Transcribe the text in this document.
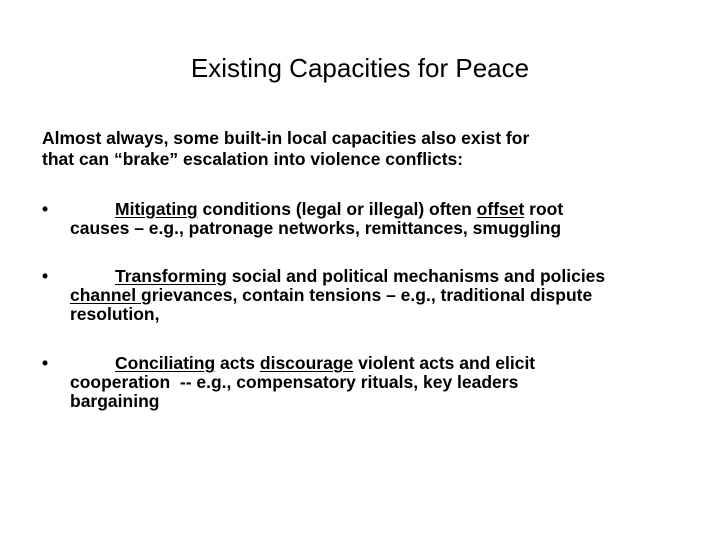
Existing Capacities for Peace
Almost always, some built-in local capacities also exist for
that can “brake” escalation into violence conflicts:
•	Mitigating conditions (legal or illegal) often offset root
causes – e.g., patronage networks, remittances, smuggling
•	Transforming social and political mechanisms and policies
channel grievances, contain tensions – e.g., traditional dispute
resolution,
•	Conciliating acts discourage violent acts and elicit
cooperation  -- e.g., compensatory rituals, key leaders
bargaining
